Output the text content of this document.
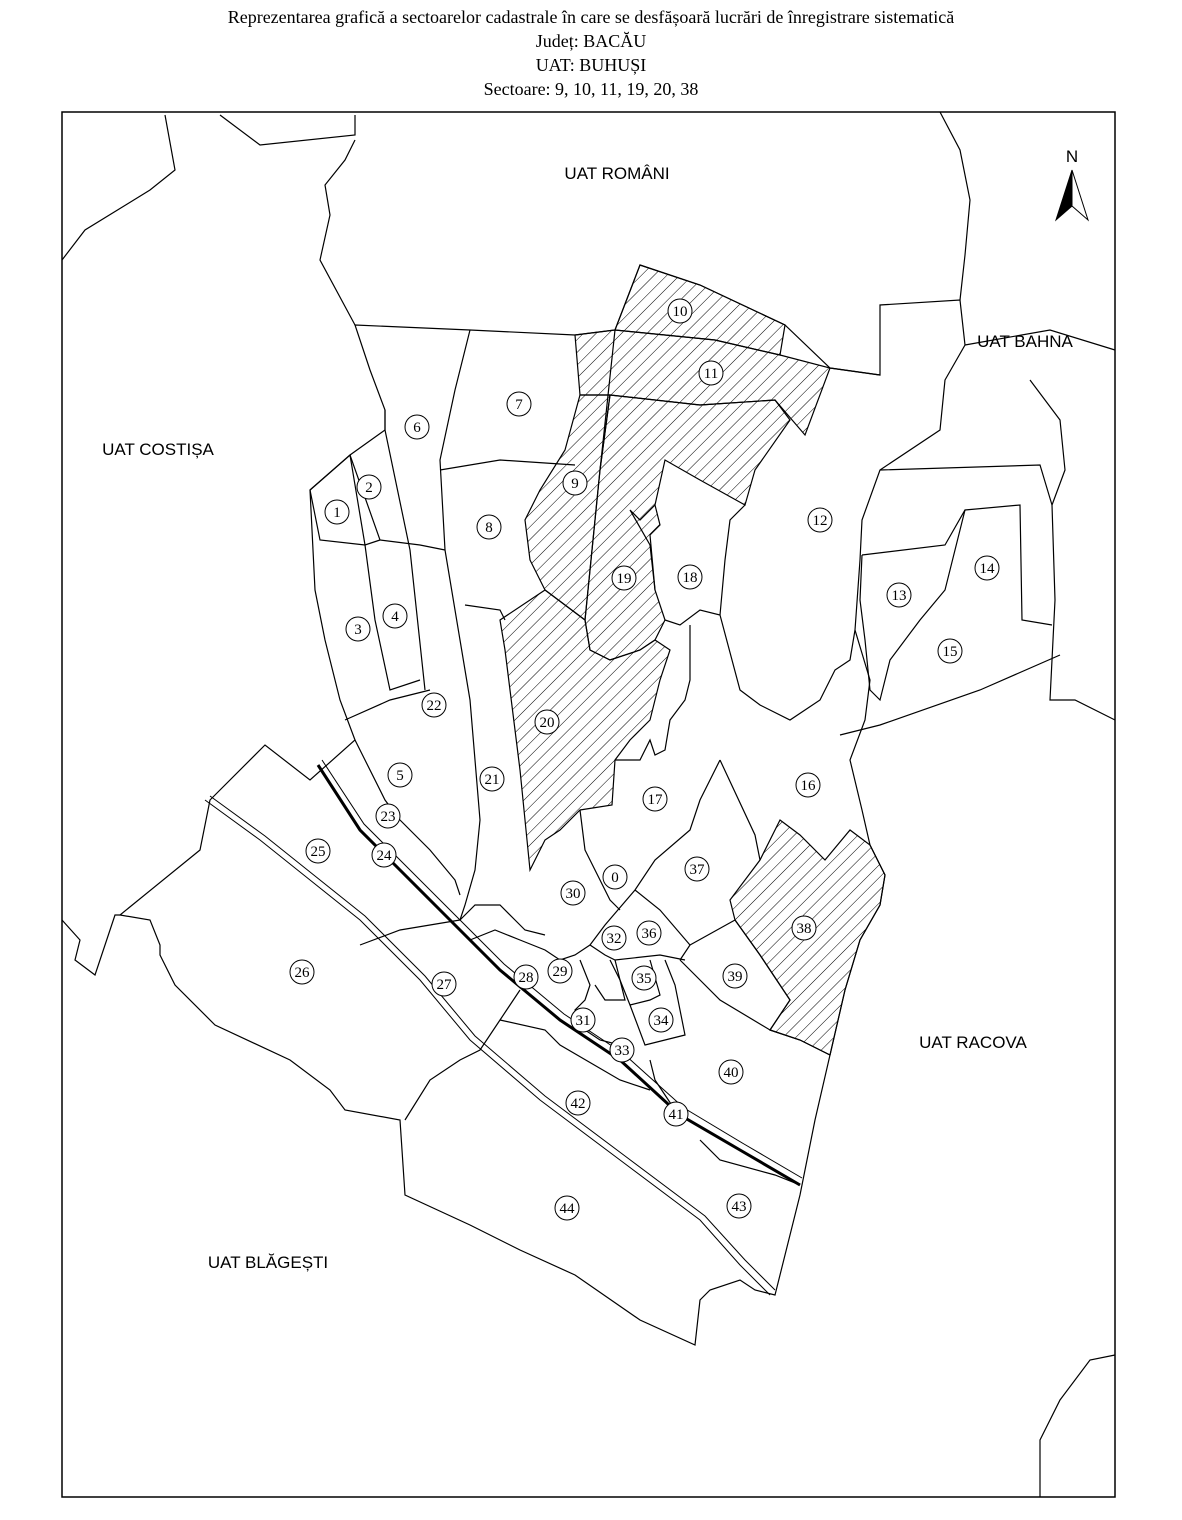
Reprezentarea grafică a sectoarelor cadastrale în care se desfășoară lucrări de înregistrare sistematică
Județ: BACĂU
UAT: BUHUȘI
Sectoare: 9, 10, 11, 19, 20, 38
N
UAT ROMÂNI
UAT BAHNA
UAT COSTIȘA
UAT RACOVA
UAT BLĂGEȘTI
0
1
2
3
4
5
6
7
8
9
10
11
12
13
14
15
16
17
18
19
20
21
22
23
24
25
26
27	28 29
30
31
32
33
34
35
36
37
38
39
40
41
42
43
44
